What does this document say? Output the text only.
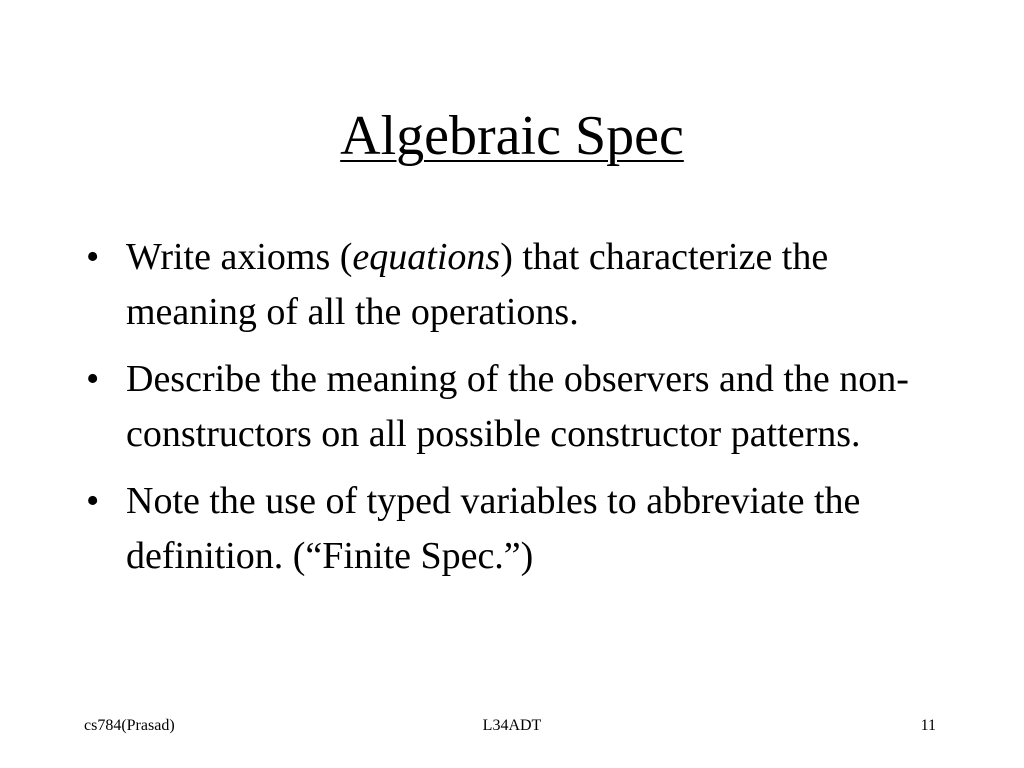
Algebraic Spec
• Write axioms (equations) that characterize the meaning of all the operations.
• Describe the meaning of the observers and the non-constructors on all possible constructor patterns.
• Note the use of typed variables to abbreviate the definition. (“Finite Spec.”)
cs784(Prasad)	L34ADT	11
